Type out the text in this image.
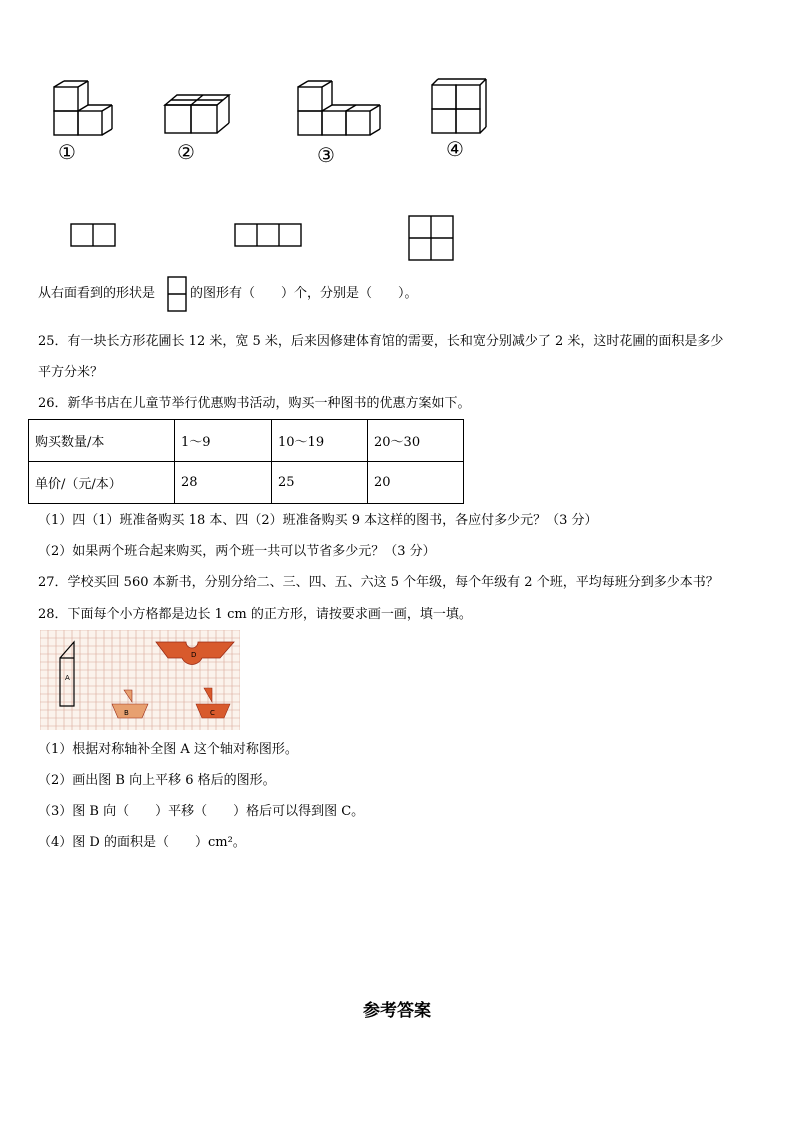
①	②	③	④
从右面看到的形状是	的图形有（　　）个，分别是（　　）。
25．有一块长方形花圃长 12 米，宽 5 米，后来因修建体育馆的需要，长和宽分别减少了 2 米，这时花圃的面积是多少
平方分米？
26．新华书店在儿童节举行优惠购书活动，购买一种图书的优惠方案如下。
购买数量/本	1～9	10～19	20～30
单价/（元/本）	28	25	20
（1）四（1）班准备购买 18 本、四（2）班准备购买 9 本这样的图书，各应付多少元？（3 分）
（2）如果两个班合起来购买，两个班一共可以节省多少元？（3 分）
27．学校买回 560 本新书，分别分给二、三、四、五、六这 5 个年级，每个年级有 2 个班，平均每班分到多少本书？
28．下面每个小方格都是边长 1 cm 的正方形，请按要求画一画，填一填。
A
D
B	C
（1）根据对称轴补全图 A 这个轴对称图形。
（2）画出图 B 向上平移 6 格后的图形。
（3）图 B 向（　　）平移（　　）格后可以得到图 C。
（4）图 D 的面积是（　　）cm²。
参考答案
